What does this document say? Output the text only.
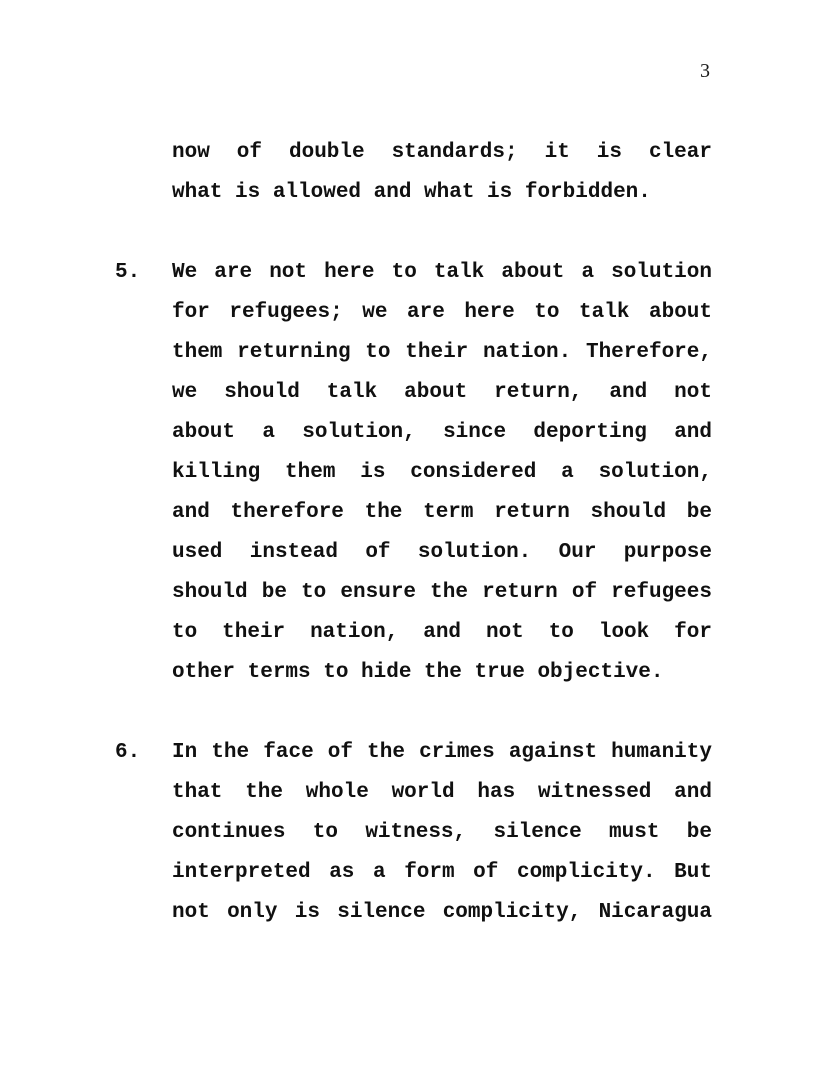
3
now of double standards; it is clear
what is allowed and what is forbidden.
5. We are not here to talk about a solution
for refugees; we are here to talk about
them returning to their nation. Therefore,
we should talk about return, and not
about a solution, since deporting and
killing them is considered a solution,
and therefore the term return should be
used instead of solution. Our purpose
should be to ensure the return of refugees
to their nation, and not to look for
other terms to hide the true objective.
6. In the face of the crimes against humanity
that the whole world has witnessed and
continues to witness, silence must be
interpreted as a form of complicity. But
not only is silence complicity, Nicaragua
